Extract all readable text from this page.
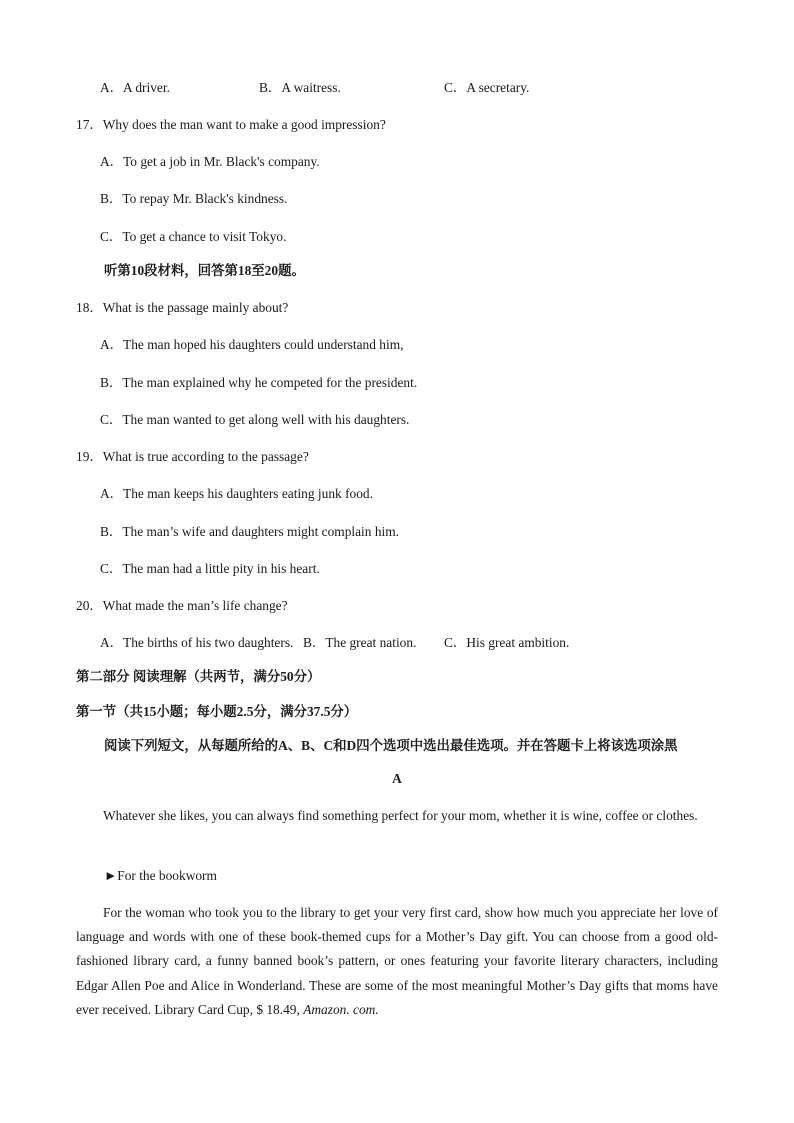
A．A driver.	B．A waitress.	C．A secretary.
17．Why does the man want to make a good impression?
A．To get a job in Mr. Black's company.
B．To repay Mr. Black's kindness.
C．To get a chance to visit Tokyo.
听第10段材料，回答第18至20题。
18．What is the passage mainly about?
A．The man hoped his daughters could understand him,
B．The man explained why he competed for the president.
C．The man wanted to get along well with his daughters.
19．What is true according to the passage?
A．The man keeps his daughters eating junk food.
B．The man’s wife and daughters might complain him.
C．The man had a little pity in his heart.
20．What made the man’s life change?
A．The births of his two daughters. B．The great nation. C．His great ambition.
第二部分 阅读理解（共两节，满分50分）
第一节（共15小题；每小题2.5分，满分37.5分）
阅读下列短文，从每题所给的A、B、C和D四个选项中选出最佳选项。并在答题卡上将该选项涂黑
A
Whatever she likes, you can always find something perfect for your mom, whether it is wine, coffee or clothes.
►For the bookworm
For the woman who took you to the library to get your very first card, show how much you appreciate her love of language and words with one of these book-themed cups for a Mother’s Day gift. You can choose from a good old-fashioned library card, a funny banned book’s pattern, or ones featuring your favorite literary characters, including Edgar Allen Poe and Alice in Wonderland. These are some of the most meaningful Mother’s Day gifts that moms have ever received. Library Card Cup, $ 18.49, Amazon. com.
